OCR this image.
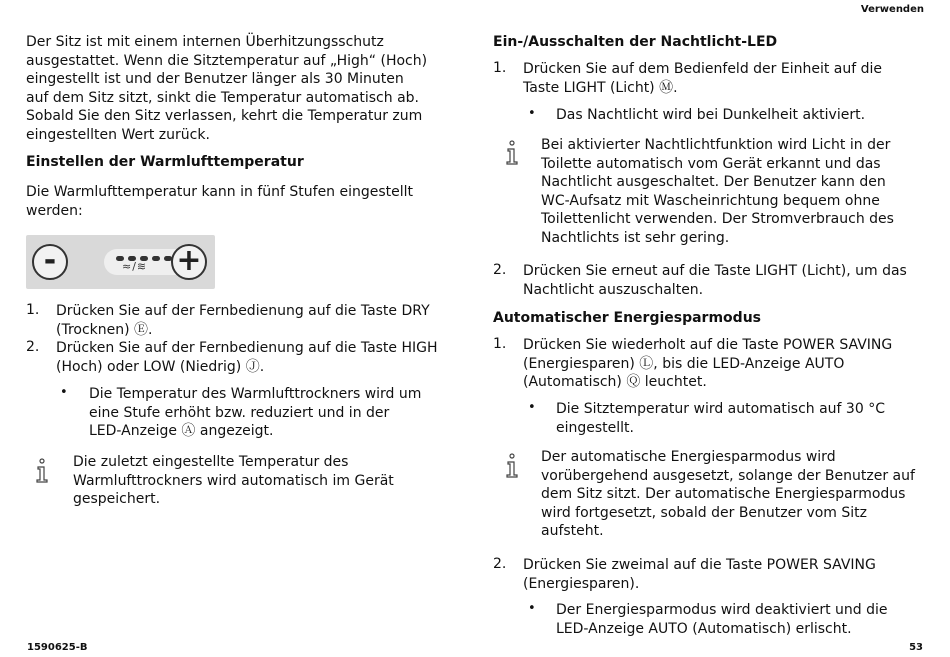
Verwenden
1590625-B	53
Der Sitz ist mit einem internen Überhitzungsschutz
ausgestattet. Wenn die Sitztemperatur auf „High“ (Hoch)
eingestellt ist und der Benutzer länger als 30 Minuten
auf dem Sitz sitzt, sinkt die Temperatur automatisch ab.
Sobald Sie den Sitz verlassen, kehrt die Temperatur zum
eingestellten Wert zurück.
Einstellen der Warmlufttemperatur
Die Warmlufttemperatur kann in fünf Stufen eingestellt
werden:
-	≈/≋ +
1.	Drücken Sie auf der Fernbedienung auf die Taste DRY
(Trocknen) Ⓔ.
2.	Drücken Sie auf der Fernbedienung auf die Taste HIGH
(Hoch) oder LOW (Niedrig) Ⓙ.
• Die Temperatur des Warmlufttrockners wird um
eine Stufe erhöht bzw. reduziert und in der
LED-Anzeige Ⓐ angezeigt.
Die zuletzt eingestellte Temperatur des
Warmlufttrockners wird automatisch im Gerät
gespeichert.
Ein-/Ausschalten der Nachtlicht-LED
1.	Drücken Sie auf dem Bedienfeld der Einheit auf die
Taste LIGHT (Licht) Ⓜ.
• Das Nachtlicht wird bei Dunkelheit aktiviert.
Bei aktivierter Nachtlichtfunktion wird Licht in der
Toilette automatisch vom Gerät erkannt und das
Nachtlicht ausgeschaltet. Der Benutzer kann den
WC-Aufsatz mit Wascheinrichtung bequem ohne
Toilettenlicht verwenden. Der Stromverbrauch des
Nachtlichts ist sehr gering.
2.	Drücken Sie erneut auf die Taste LIGHT (Licht), um das
Nachtlicht auszuschalten.
Automatischer Energiesparmodus
1.	Drücken Sie wiederholt auf die Taste POWER SAVING
(Energiesparen) Ⓛ, bis die LED-Anzeige AUTO
(Automatisch) Ⓠ leuchtet.
• Die Sitztemperatur wird automatisch auf 30 °C
eingestellt.
Der automatische Energiesparmodus wird
vorübergehend ausgesetzt, solange der Benutzer auf
dem Sitz sitzt. Der automatische Energiesparmodus
wird fortgesetzt, sobald der Benutzer vom Sitz
aufsteht.
2.	Drücken Sie zweimal auf die Taste POWER SAVING
(Energiesparen).
• Der Energiesparmodus wird deaktiviert und die
LED-Anzeige AUTO (Automatisch) erlischt.
